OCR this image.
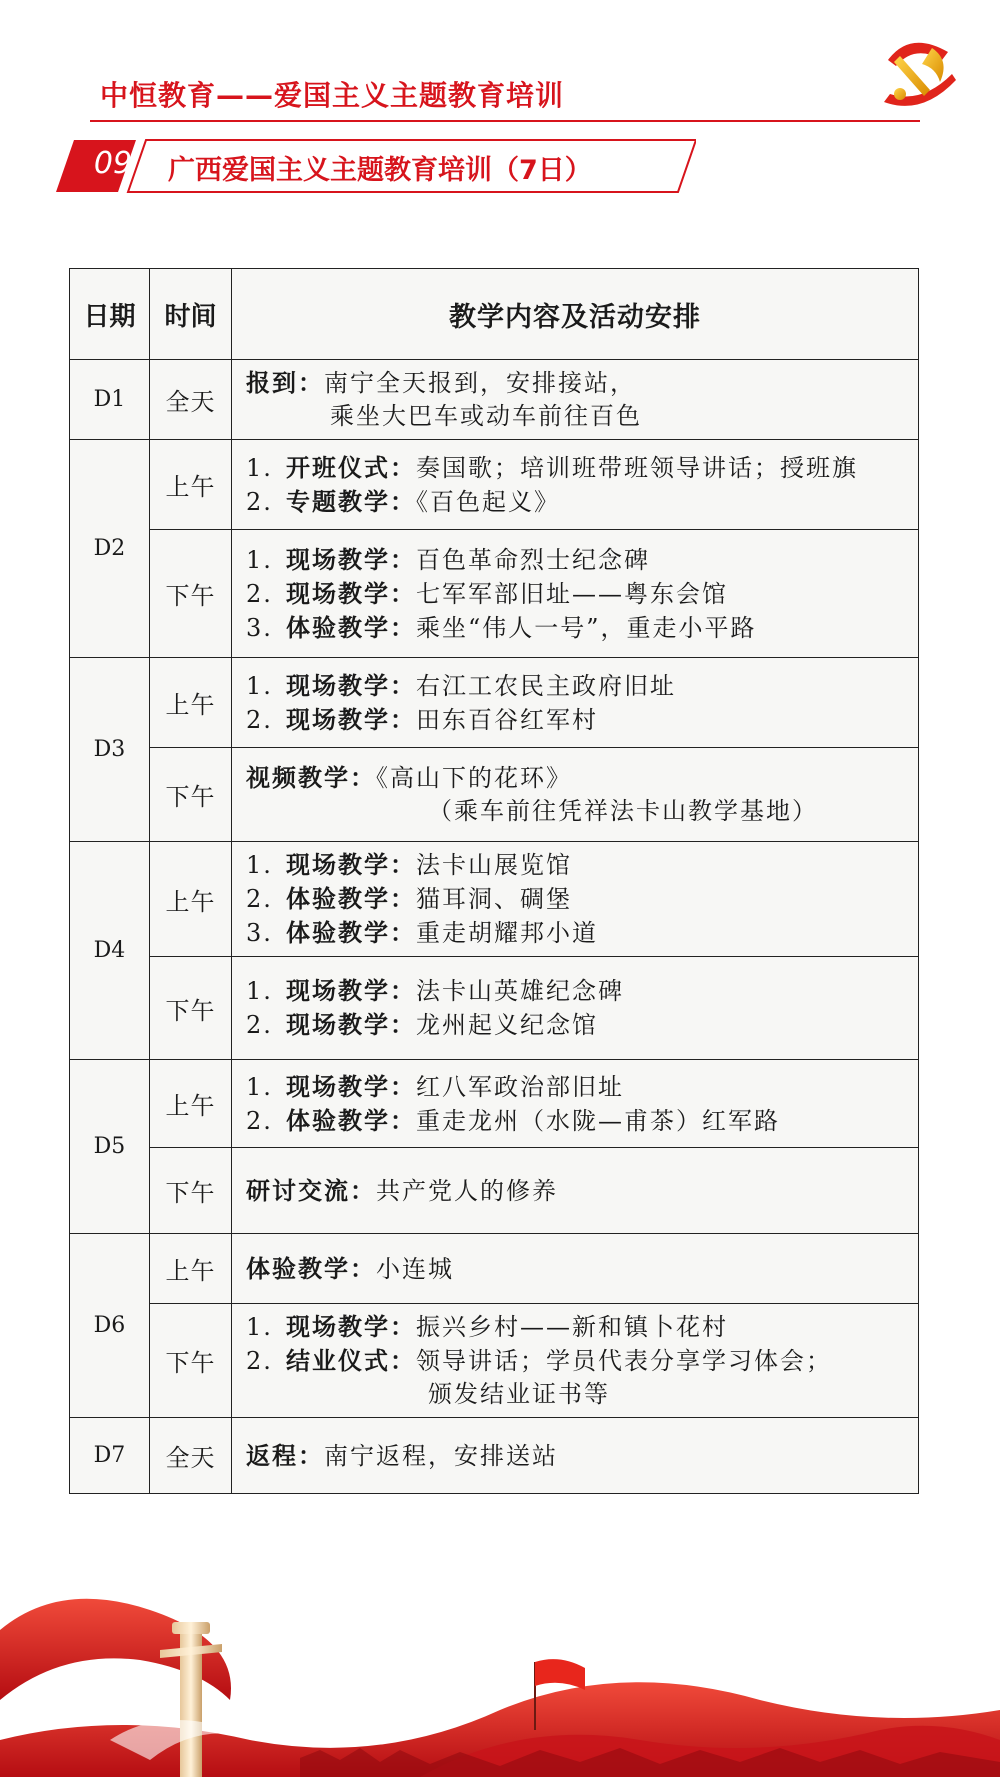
中恒教育——爱国主义主题教育培训
09	广西爱国主义主题教育培训（7日）
日期	时间	教学内容及活动安排
D1	全天	报到：南宁全天报到，安排接站，
乘坐大巴车或动车前往百色

D2	上午	1. 开班仪式：奏国歌；培训班带班领导讲话；授班旗
2. 专题教学：《百色起义》

	下午	1. 现场教学：百色革命烈士纪念碑
2. 现场教学：七军军部旧址——粤东会馆
3. 体验教学：乘坐“伟人一号”，重走小平路

D3	上午	1. 现场教学：右江工农民主政府旧址
2. 现场教学：田东百谷红军村

	下午	视频教学：《高山下的花环》
（乘车前往凭祥法卡山教学基地）

D4	上午	1. 现场教学：法卡山展览馆
2. 体验教学：猫耳洞、碉堡
3. 体验教学：重走胡耀邦小道

	下午	1. 现场教学：法卡山英雄纪念碑
2. 现场教学：龙州起义纪念馆

D5	上午	1. 现场教学：红八军政治部旧址
2. 体验教学：重走龙州（水陇—甫茶）红军路

	下午	研讨交流：共产党人的修养

D6	上午	体验教学：小连城

	下午	1. 现场教学：振兴乡村——新和镇卜花村
2. 结业仪式：领导讲话；学员代表分享学习体会；
颁发结业证书等

D7	全天	返程：南宁返程，安排送站
